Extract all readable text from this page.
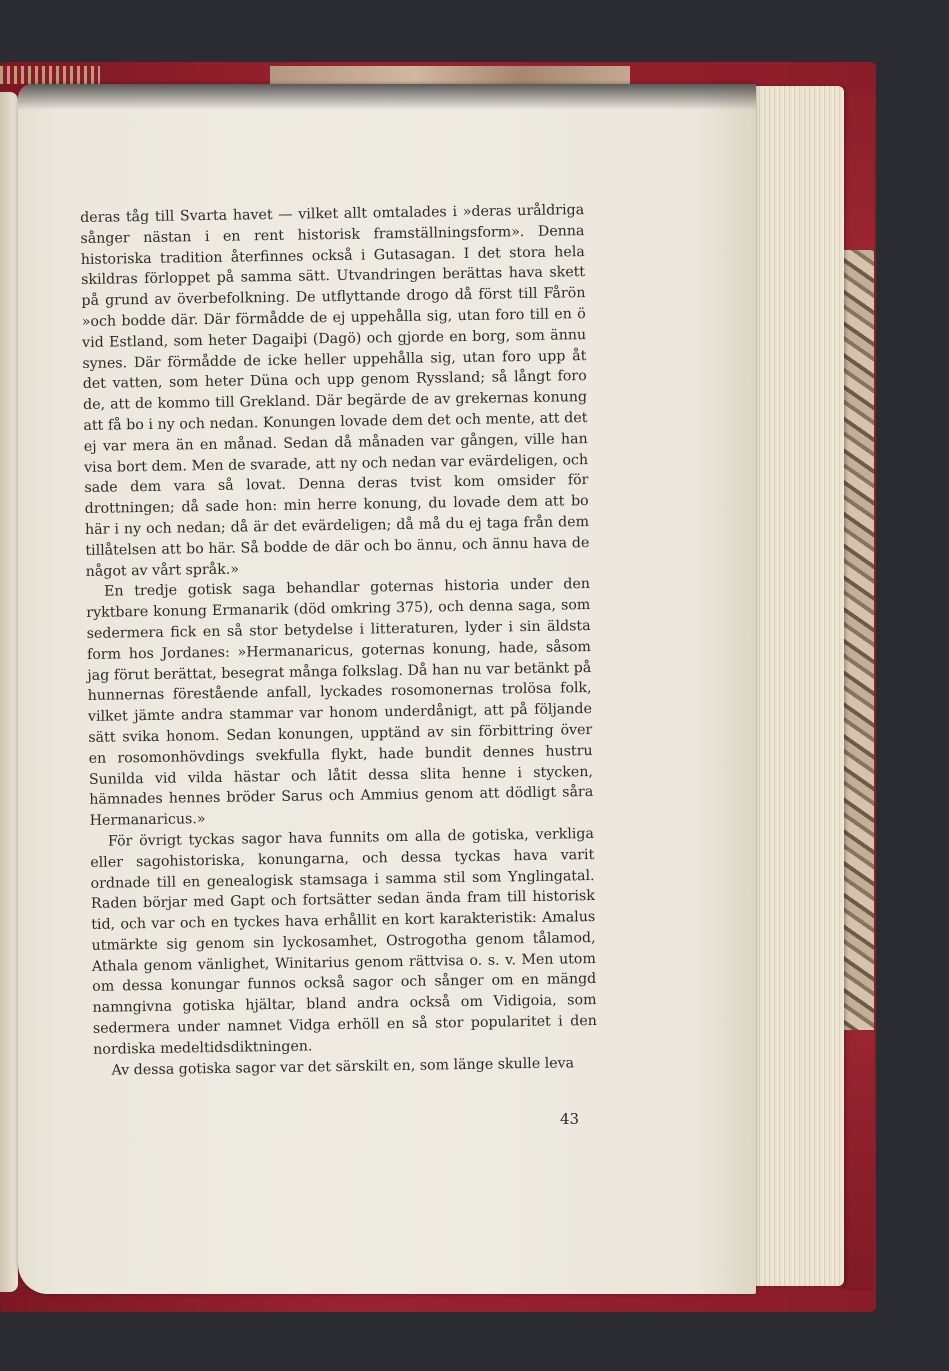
deras tåg till Svarta havet — vilket allt omtalades i »deras uråldriga sånger nästan i en rent historisk framställningsform». Denna historiska tradition återfinnes också i Gutasagan. I det stora hela skildras förloppet på samma sätt. Utvandringen berättas hava skett på grund av överbefolkning. De utflyttande drogo då först till Fårön »och bodde där. Där förmådde de ej uppehålla sig, utan foro till en ö vid Estland, som heter Dagaiþi (Dagö) och gjorde en borg, som ännu synes. Där förmådde de icke heller uppehålla sig, utan foro upp åt det vatten, som heter Düna och upp genom Ryssland; så långt foro de, att de kommo till Grekland. Där begärde de av grekernas konung att få bo i ny och nedan. Konungen lovade dem det och mente, att det ej var mera än en månad. Sedan då månaden var gången, ville han visa bort dem. Men de svarade, att ny och nedan var evärdeligen, och sade dem vara så lovat. Denna deras tvist kom omsider för drottningen; då sade hon: min herre konung, du lovade dem att bo här i ny och nedan; då är det evärdeligen; då må du ej taga från dem tillåtelsen att bo här. Så bodde de där och bo ännu, och ännu hava de något av vårt språk.»

En tredje gotisk saga behandlar goternas historia under den ryktbare konung Ermanarik (död omkring 375), och denna saga, som sedermera fick en så stor betydelse i litteraturen, lyder i sin äldsta form hos Jordanes: »Hermanaricus, goternas konung, hade, såsom jag förut berättat, besegrat många folkslag. Då han nu var betänkt på hunnernas förestående anfall, lyckades rosomonernas trolösa folk, vilket jämte andra stammar var honom underdånigt, att på följande sätt svika honom. Sedan konungen, upptänd av sin förbittring över en rosomonhövdings svekfulla flykt, hade bundit dennes hustru Sunilda vid vilda hästar och låtit dessa slita henne i stycken, hämnades hennes bröder Sarus och Ammius genom att dödligt såra Hermanaricus.»

För övrigt tyckas sagor hava funnits om alla de gotiska, verkliga eller sagohistoriska, konungarna, och dessa tyckas hava varit ordnade till en genealogisk stamsaga i samma stil som Ynglingatal. Raden börjar med Gapt och fortsätter sedan ända fram till historisk tid, och var och en tyckes hava erhållit en kort karakteristik: Amalus utmärkte sig genom sin lyckosamhet, Ostrogotha genom tålamod, Athala genom vänlighet, Winitarius genom rättvisa o. s. v. Men utom om dessa konungar funnos också sagor och sånger om en mängd namngivna gotiska hjältar, bland andra också om Vidigoia, som sedermera under namnet Vidga erhöll en så stor popularitet i den nordiska medeltidsdiktningen.

Av dessa gotiska sagor var det särskilt en, som länge skulle leva

43
